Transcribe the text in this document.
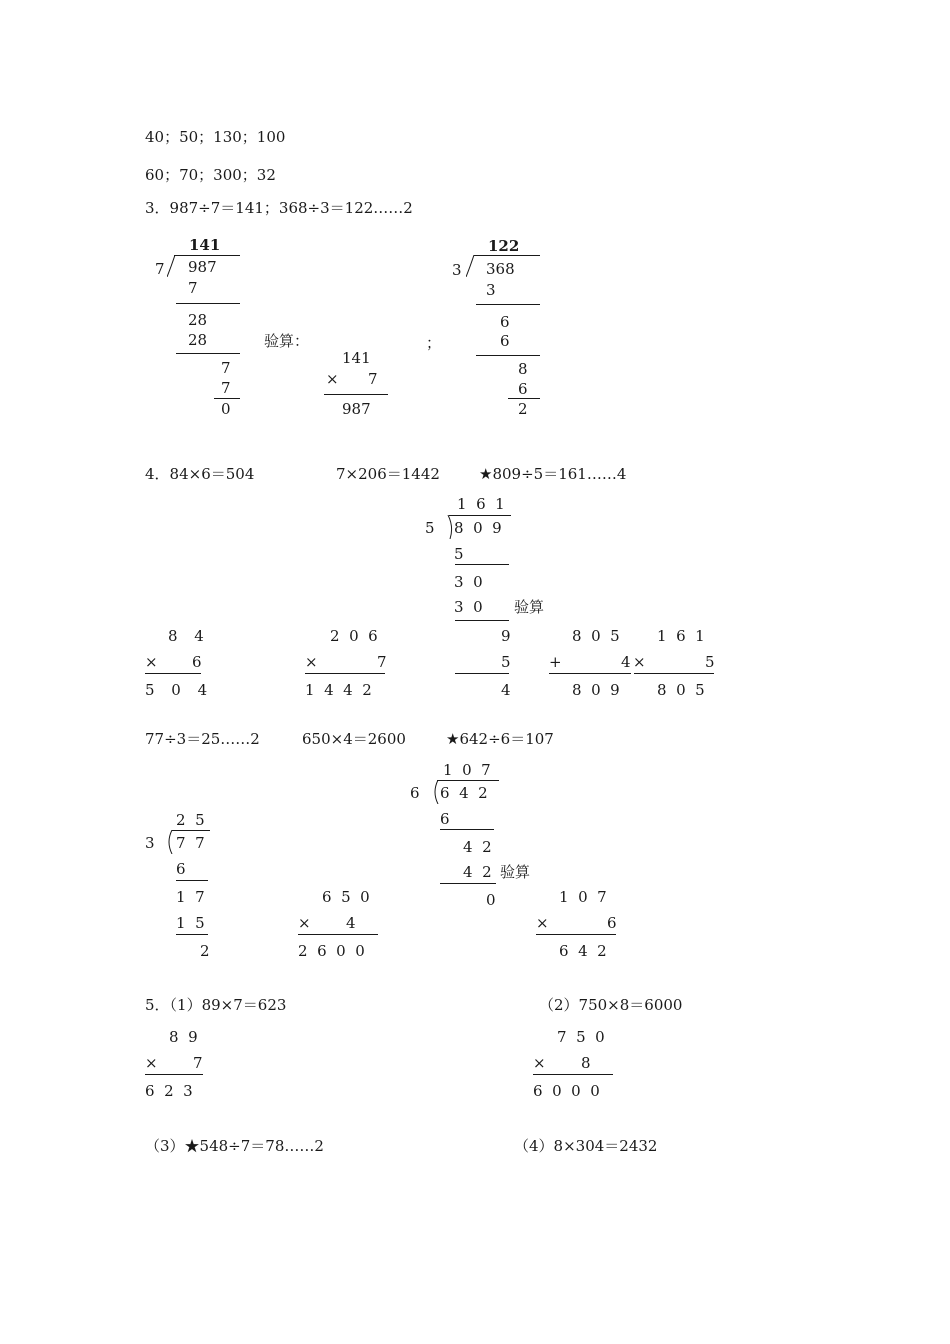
40；50；130；100
60；70；300；32
3．987÷7＝141；368÷3＝122……2
141
7 987
7
28
28
7
7
0
验算：
141
× 7
987
；
122
3 368
3
6
6
8
6
2
4．84×6＝504	7×206＝1442	★809÷5＝161……4
1  6  1
5 8  0  9
5
3  0
3  0
9
5
4
验算
8 4
× 6
5 0 4
2  0  6
×	7
1  4  4  2
8  0  5
+	4
8  0  9
1  6  1
×	5
8  0  5
77÷3＝25……2	650×4＝2600	★642÷6＝107
1  0  7
6 6  4  2
6
4  2
4  2
0
验算
2  5
3 7  7
6
1  7
1  5
2
6  5  0
× 4
2  6  0  0
1  0  7
×	6
6  4  2
5．（1）89×7＝623	（2）750×8＝6000
8  9
× 7
6  2  3
7  5  0
× 8
6  0  0  0
（3）★548÷7＝78……2	（4）8×304＝2432
